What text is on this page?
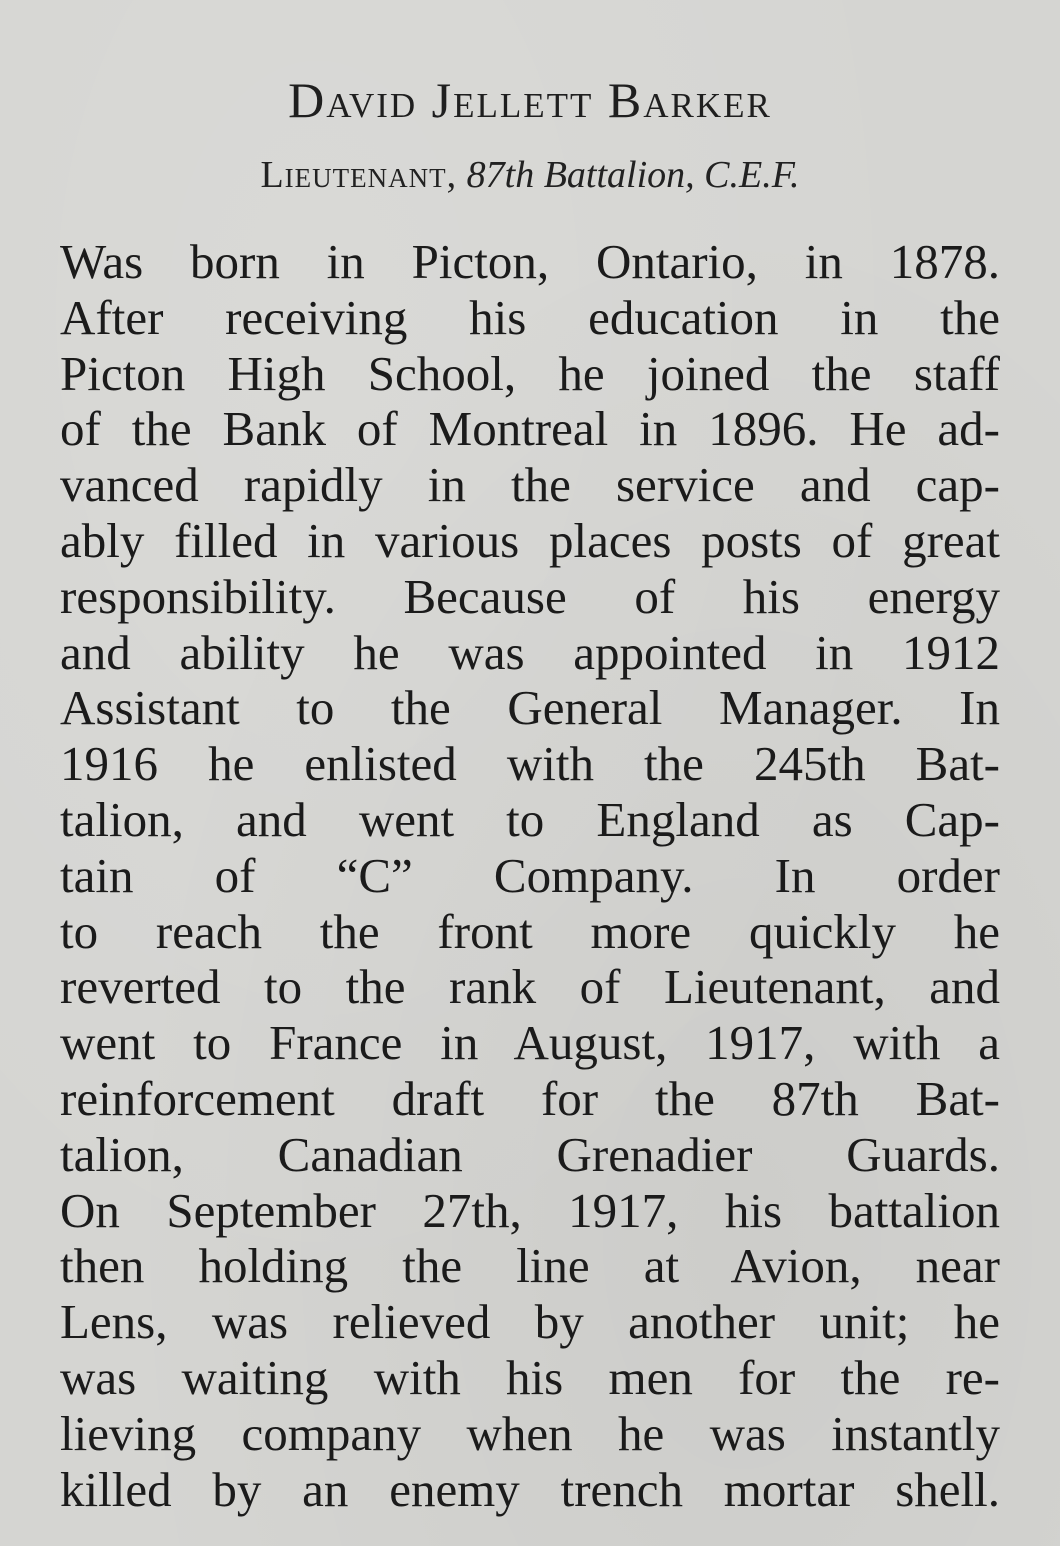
David Jellett Barker
Lieutenant, 87th Battalion, C.E.F.
Was born in Picton, Ontario, in 1878.
After receiving his education in the
Picton High School, he joined the staff
of the Bank of Montreal in 1896. He ad-
vanced rapidly in the service and cap-
ably filled in various places posts of great
responsibility. Because of his energy
and ability he was appointed in 1912
Assistant to the General Manager. In
1916 he enlisted with the 245th Bat-
talion, and went to England as Cap-
tain of “C” Company. In order
to reach the front more quickly he
reverted to the rank of Lieutenant, and
went to France in August, 1917, with a
reinforcement draft for the 87th Bat-
talion, Canadian Grenadier Guards.
On September 27th, 1917, his battalion
then holding the line at Avion, near
Lens, was relieved by another unit; he
was waiting with his men for the re-
lieving company when he was instantly
killed by an enemy trench mortar shell.
